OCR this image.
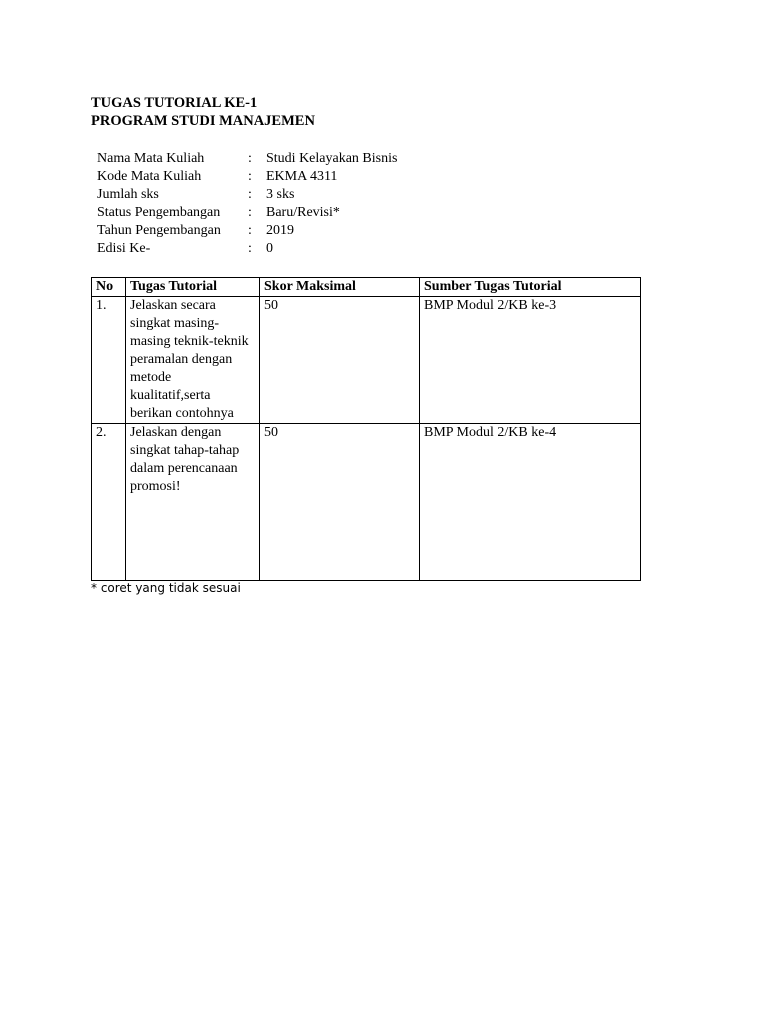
TUGAS TUTORIAL KE-1
PROGRAM STUDI MANAJEMEN
Nama Mata Kuliah	: Studi Kelayakan Bisnis
Kode Mata Kuliah	: EKMA 4311
Jumlah sks	: 3 sks
Status Pengembangan : Baru/Revisi*
Tahun Pengembangan : 2019
Edisi Ke-	: 0
No	Tugas Tutorial	Skor Maksimal	Sumber Tugas Tutorial
1.	Jelaskan secara singkat masing-masing teknik-teknik peramalan dengan metode kualitatif,serta berikan contohnya	50	BMP Modul 2/KB ke-3
2.	Jelaskan dengan singkat tahap-tahap dalam perencanaan promosi!	50	BMP Modul 2/KB ke-4
* coret yang tidak sesuai
